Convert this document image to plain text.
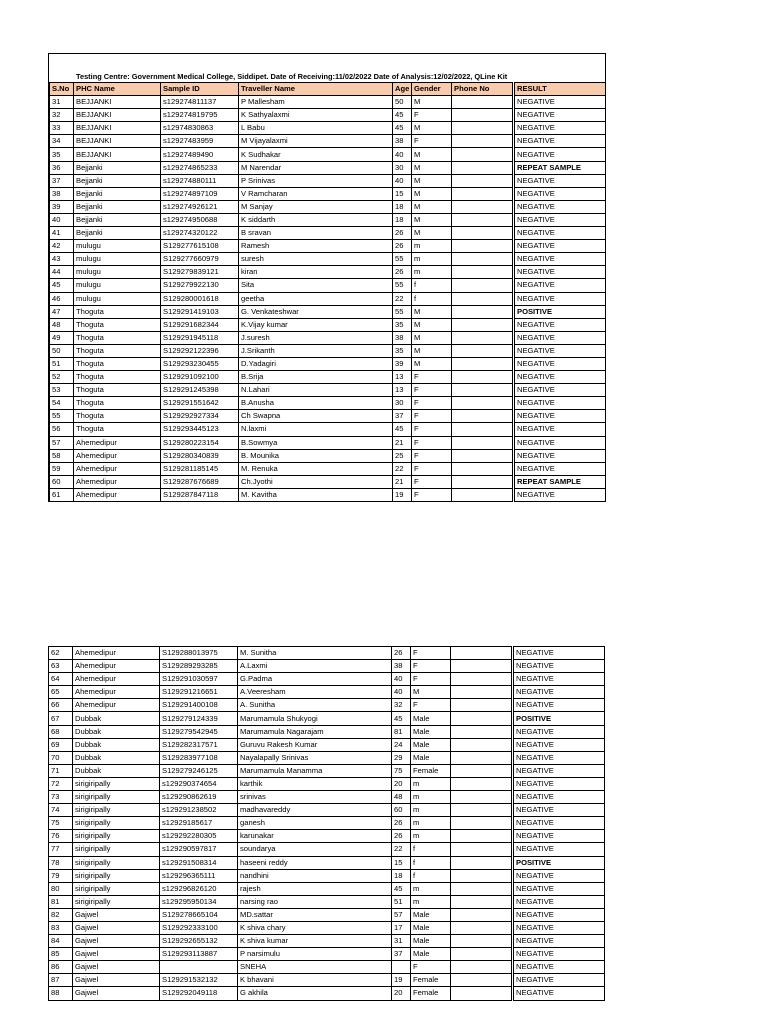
Testing Centre: Government Medical College, Siddipet. Date of Receiving:11/02/2022 Date of Analysis:12/02/2022, QLine Kit
S.No	PHC Name	Sample ID	Traveller Name	Age	Gender	Phone No	RESULT
31	BEJJANKI	s129274811137	P Mallesham	50	M		NEGATIVE
32	BEJJANKI	s129274819795	K Sathyalaxmi	45	F		NEGATIVE
33	BEJJANKI	s12974830863	L Babu	45	M		NEGATIVE
34	BEJJANKI	s12927483959	M Vijayalaxmi	38	F		NEGATIVE
35	BEJJANKI	s12927489490	K Sudhakar	40	M		NEGATIVE
36	Bejjanki	s129274865233	M Narendar	30	M		REPEAT SAMPLE
37	Bejjanki	s129274880111	P Srinivas	40	M		NEGATIVE
38	Bejjanki	s129274897109	V Ramcharan	15	M		NEGATIVE
39	Bejjanki	s129274926121	M Sanjay	18	M		NEGATIVE
40	Bejjanki	s129274950688	K siddarth	18	M		NEGATIVE
41	Bejjanki	s129274320122	B sravan	26	M		NEGATIVE
42	mulugu	S129277615108	Ramesh	26	m		NEGATIVE
43	mulugu	S129277660979	suresh	55	m		NEGATIVE
44	mulugu	S129279839121	kiran	26	m		NEGATIVE
45	mulugu	S129279922130	Sita	55	f		NEGATIVE
46	mulugu	S129280001618	geetha	22	f		NEGATIVE
47	Thoguta	S129291419103	G. Venkateshwar	55	M		POSITIVE
48	Thoguta	S129291682344	K.Vijay kumar	35	M		NEGATIVE
49	Thoguta	S129291945118	J.suresh	38	M		NEGATIVE
50	Thoguta	S129292122396	J.Srikanth	35	M		NEGATIVE
51	Thoguta	S129293230455	D.Yadagiri	39	M		NEGATIVE
52	Thoguta	S129291092100	B.Srija	13	F		NEGATIVE
53	Thoguta	S129291245398	N.Lahari	13	F		NEGATIVE
54	Thoguta	S129291551642	B.Anusha	30	F		NEGATIVE
55	Thoguta	S129292927334	Ch Swapna	37	F		NEGATIVE
56	Thoguta	S129293445123	N.laxmi	45	F		NEGATIVE
57	Ahemedipur	S129280223154	B.Sowmya	21	F		NEGATIVE
58	Ahemedipur	S129280340839	B. Mounika	25	F		NEGATIVE
59	Ahemedipur	S129281185145	M. Renuka	22	F		NEGATIVE
60	Ahemedipur	S129287676689	Ch.Jyothi	21	F		REPEAT SAMPLE
61	Ahemedipur	S129287847118	M. Kavitha	19	F		NEGATIVE
62	Ahemedipur	S129288013975	M. Sunitha	26	F		NEGATIVE
63	Ahemedipur	S129289293285	A.Laxmi	38	F		NEGATIVE
64	Ahemedipur	S129291030597	G.Padma	40	F		NEGATIVE
65	Ahemedipur	S129291216651	A.Veeresham	40	M		NEGATIVE
66	Ahemedipur	S129291400108	A. Sunitha	32	F		NEGATIVE
67	Dubbak	S129279124339	Marumamula Shukyogi	45	Male		POSITIVE
68	Dubbak	S129279542945	Marumamula Nagarajam	81	Male		NEGATIVE
69	Dubbak	S129282317571	Guruvu Rakesh Kumar	24	Male		NEGATIVE
70	Dubbak	S129283977108	Nayalapally Srinivas	29	Male		NEGATIVE
71	Dubbak	S129279246125	Marumamula Manamma	75	Female		NEGATIVE
72	sirigiripally	s129290374654	karthik	20	m		NEGATIVE
73	sirigiripally	s129290862619	srinivas	48	m		NEGATIVE
74	sirigiripally	s129291238502	madhavareddy	60	m		NEGATIVE
75	sirigiripally	s12929185617	ganesh	26	m		NEGATIVE
76	sirigiripally	s129292280305	karunakar	26	m		NEGATIVE
77	sirigiripally	s129290597817	soundarya	22	f		NEGATIVE
78	sirigiripally	s129291508314	haseeni reddy	15	f		POSITIVE
79	sirigiripally	s129296365111	nandhini	18	f		NEGATIVE
80	sirigiripally	s129296826120	rajesh	45	m		NEGATIVE
81	sirigiripally	s129295950134	narsing rao	51	m		NEGATIVE
82	Gajwel	S129278665104	MD.sattar	57	Male		NEGATIVE
83	Gajwel	S129292333100	K shiva chary	17	Male		NEGATIVE
84	Gajwel	S129292655132	K shiva kumar	31	Male		NEGATIVE
85	Gajwel	S129293113887	P narsimulu	37	Male		NEGATIVE
86	Gajwel		SNEHA		F		NEGATIVE
87	Gajwel	S129291532132	K bhavani	19	Female		NEGATIVE
88	Gajwel	S129292049118	G akhila	20	Female		NEGATIVE
